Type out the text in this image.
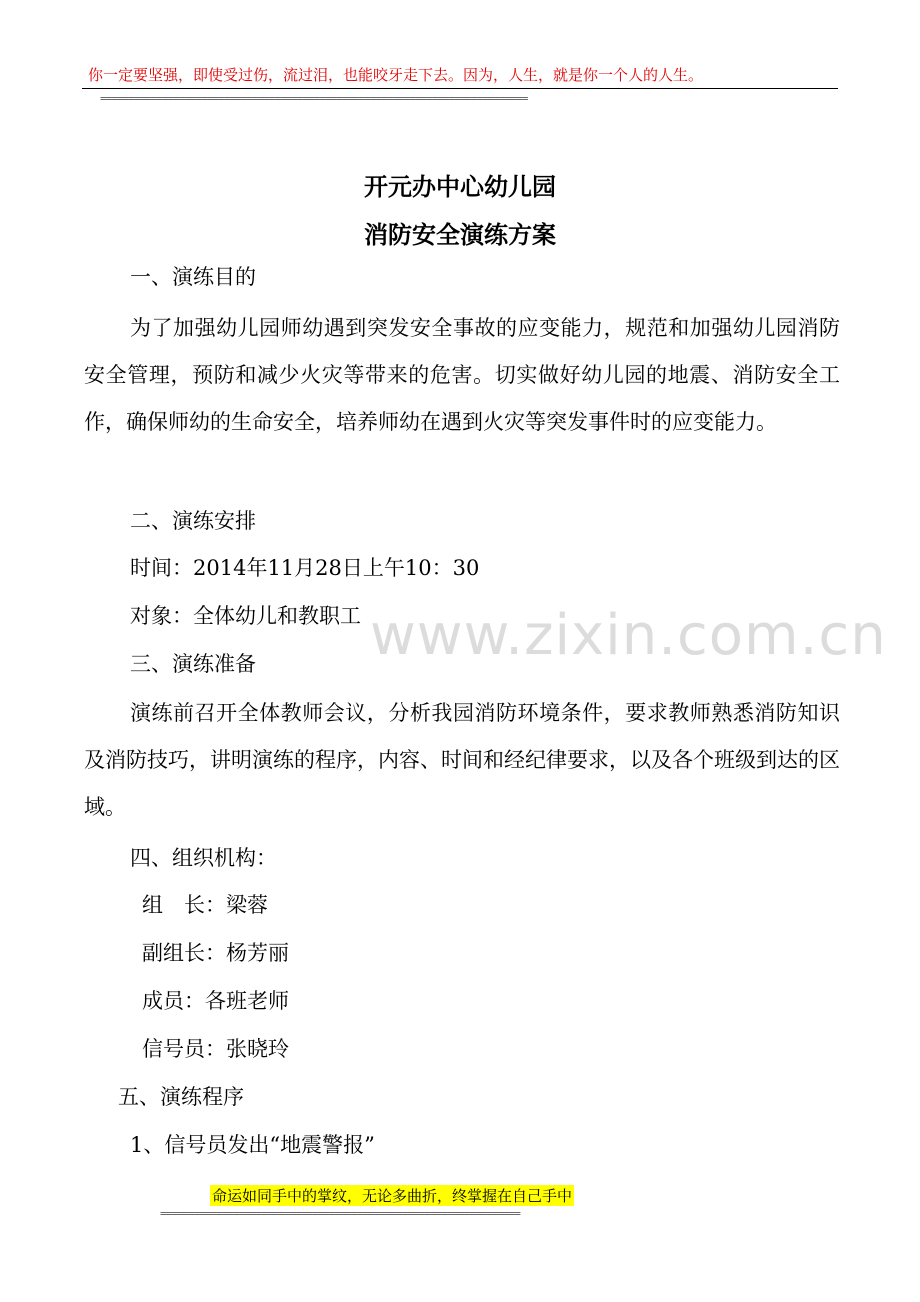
你一定要坚强，即使受过伤，流过泪，也能咬牙走下去。因为，人生，就是你一个人的人生。
============================================================================
开元办中心幼儿园
消防安全演练方案
一、演练目的
为了加强幼儿园师幼遇到突发安全事故的应变能力，规范和加强幼儿园消防安全管理，预防和减少火灾等带来的危害。切实做好幼儿园的地震、消防安全工作，确保师幼的生命安全，培养师幼在遇到火灾等突发事件时的应变能力。
二、演练安排
时间：2014年11月28日上午10：30
对象：全体幼儿和教职工 www.zixin.com.cn
三、演练准备
演练前召开全体教师会议，分析我园消防环境条件，要求教师熟悉消防知识及消防技巧，讲明演练的程序，内容、时间和经纪律要求，以及各个班级到达的区域。
四、组织机构：
组　长：梁蓉
副组长：杨芳丽
成员：各班老师
信号员：张晓玲
五、演练程序
1、信号员发出“地震警报”
命运如同手中的掌纹，无论多曲折，终掌握在自己手中
================================================================
